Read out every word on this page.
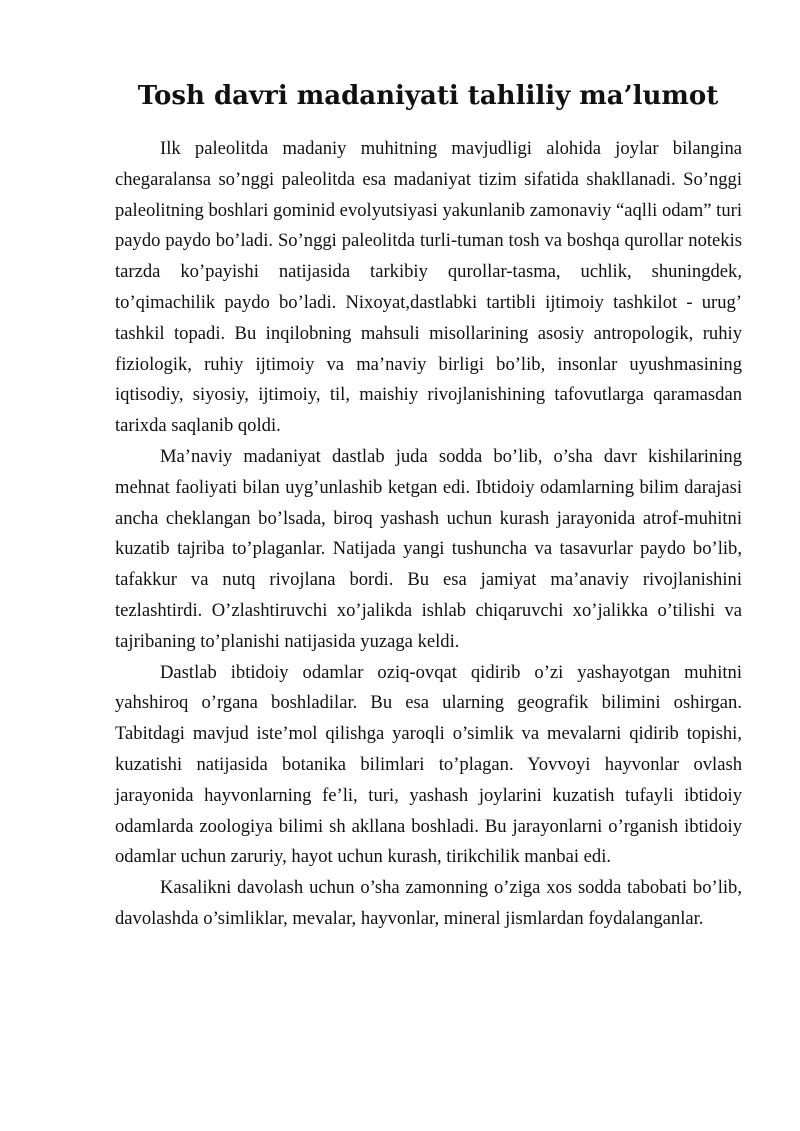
Tosh davri madaniyati tahliliy ma’lumot

Ilk paleolitda madaniy muhitning mavjudligi alohida joylar bilangina chegaralansa so’nggi paleolitda esa madaniyat tizim sifatida shakllanadi. So’nggi paleolitning boshlari gominid evolyutsiyasi yakunlanib zamonaviy “aqlli odam” turi paydo paydo bo’ladi. So’nggi paleolitda turli-tuman tosh va boshqa qurollar notekis tarzda ko’payishi natijasida tarkibiy qurollar-tasma, uchlik, shuningdek, to’qimachilik paydo bo’ladi. Nixoyat,dastlabki tartibli ijtimoiy tashkilot - urug’ tashkil topadi. Bu inqilobning mahsuli misollarining asosiy antropologik, ruhiy fiziologik, ruhiy ijtimoiy va ma’naviy birligi bo’lib, insonlar uyushmasining iqtisodiy, siyosiy, ijtimoiy, til, maishiy rivojlanishining tafovutlarga qaramasdan tarixda saqlanib qoldi.

Ma’naviy madaniyat dastlab juda sodda bo’lib, o’sha davr kishilarining mehnat faoliyati bilan uyg’unlashib ketgan edi. Ibtidoiy odamlarning bilim darajasi ancha cheklangan bo’lsada, biroq yashash uchun kurash jarayonida atrof-muhitni kuzatib tajriba to’plaganlar. Natijada yangi tushuncha va tasavurlar paydo bo’lib, tafakkur va nutq rivojlana bordi. Bu esa jamiyat ma’anaviy rivojlanishini tezlashtirdi. O’zlashtiruvchi xo’jalikda ishlab chiqaruvchi xo’jalikka o’tilishi va tajribaning to’planishi natijasida yuzaga keldi.

Dastlab ibtidoiy odamlar oziq-ovqat qidirib o’zi yashayotgan muhitni yahshiroq o’rgana boshladilar. Bu esa ularning geografik bilimini oshirgan. Tabitdagi mavjud iste’mol qilishga yaroqli o’simlik va mevalarni qidirib topishi, kuzatishi natijasida botanika bilimlari to’plagan. Yovvoyi hayvonlar ovlash jarayonida hayvonlarning fe’li, turi, yashash joylarini kuzatish tufayli ibtidoiy odamlarda zoologiya bilimi sh akllana boshladi. Bu jarayonlarni o’rganish ibtidoiy odamlar uchun zaruriy, hayot uchun kurash, tirikchilik manbai edi.

Kasalikni davolash uchun o’sha zamonning o’ziga xos sodda tabobati bo’lib, davolashda o’simliklar, mevalar, hayvonlar, mineral jismlardan foydalanganlar.
